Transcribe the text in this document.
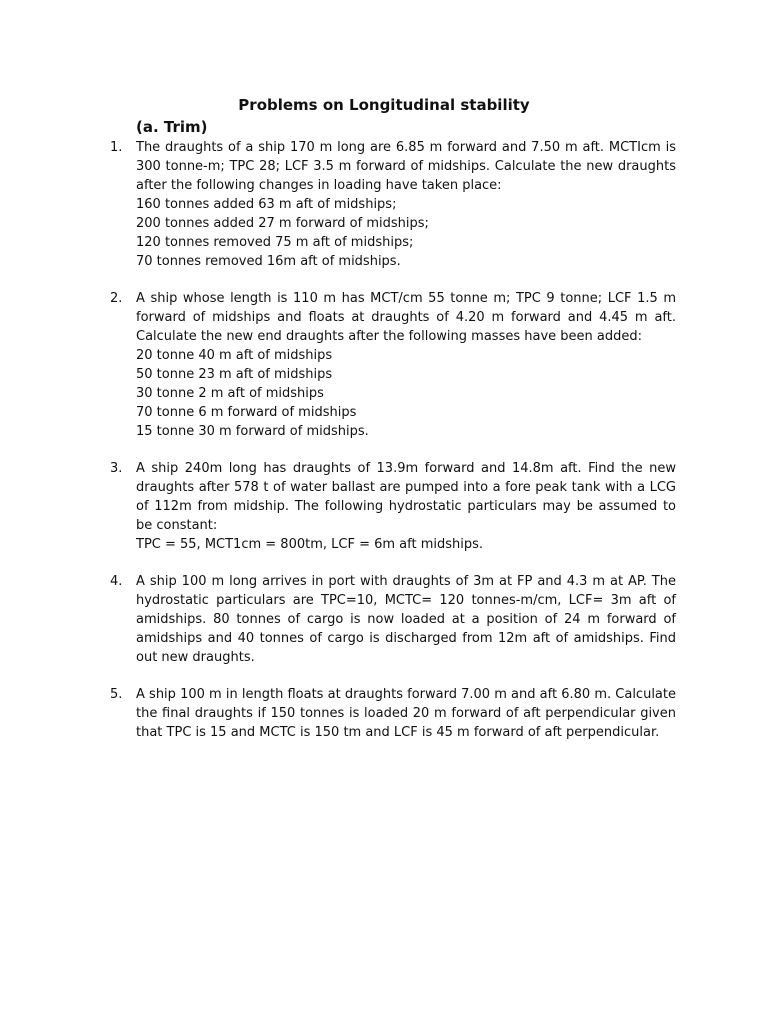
Problems on Longitudinal stability
(a. Trim)
1. The draughts of a ship 170 m long are 6.85 m forward and 7.50 m aft. MCTIcm is 300 tonne-m; TPC 28; LCF 3.5 m forward of midships. Calculate the new draughts after the following changes in loading have taken place:

160 tonnes added 63 m aft of midships;

200 tonnes added 27 m forward of midships;

120 tonnes removed 75 m aft of midships;

70 tonnes removed 16m aft of midships.

2. A ship whose length is 110 m has MCT/cm 55 tonne m; TPC 9 tonne; LCF 1.5 m forward of midships and floats at draughts of 4.20 m forward and 4.45 m aft. Calculate the new end draughts after the following masses have been added:

20 tonne 40 m aft of midships

50 tonne 23 m aft of midships

30 tonne 2 m aft of midships

70 tonne 6 m forward of midships

15 tonne 30 m forward of midships.

3. A ship 240m long has draughts of 13.9m forward and 14.8m aft. Find the new draughts after 578 t of water ballast are pumped into a fore peak tank with a LCG of 112m from midship. The following hydrostatic particulars may be assumed to be constant:

TPC = 55, MCT1cm = 800tm, LCF = 6m aft midships.

4. A ship 100 m long arrives in port with draughts of 3m at FP and 4.3 m at AP. The hydrostatic particulars are TPC=10, MCTC= 120 tonnes-m/cm, LCF= 3m aft of amidships. 80 tonnes of cargo is now loaded at a position of 24 m forward of amidships and 40 tonnes of cargo is discharged from 12m aft of amidships. Find out new draughts.

5. A ship 100 m in length floats at draughts forward 7.00 m and aft 6.80 m. Calculate the final draughts if 150 tonnes is loaded 20 m forward of aft perpendicular given that TPC is 15 and MCTC is 150 tm and LCF is 45 m forward of aft perpendicular.
